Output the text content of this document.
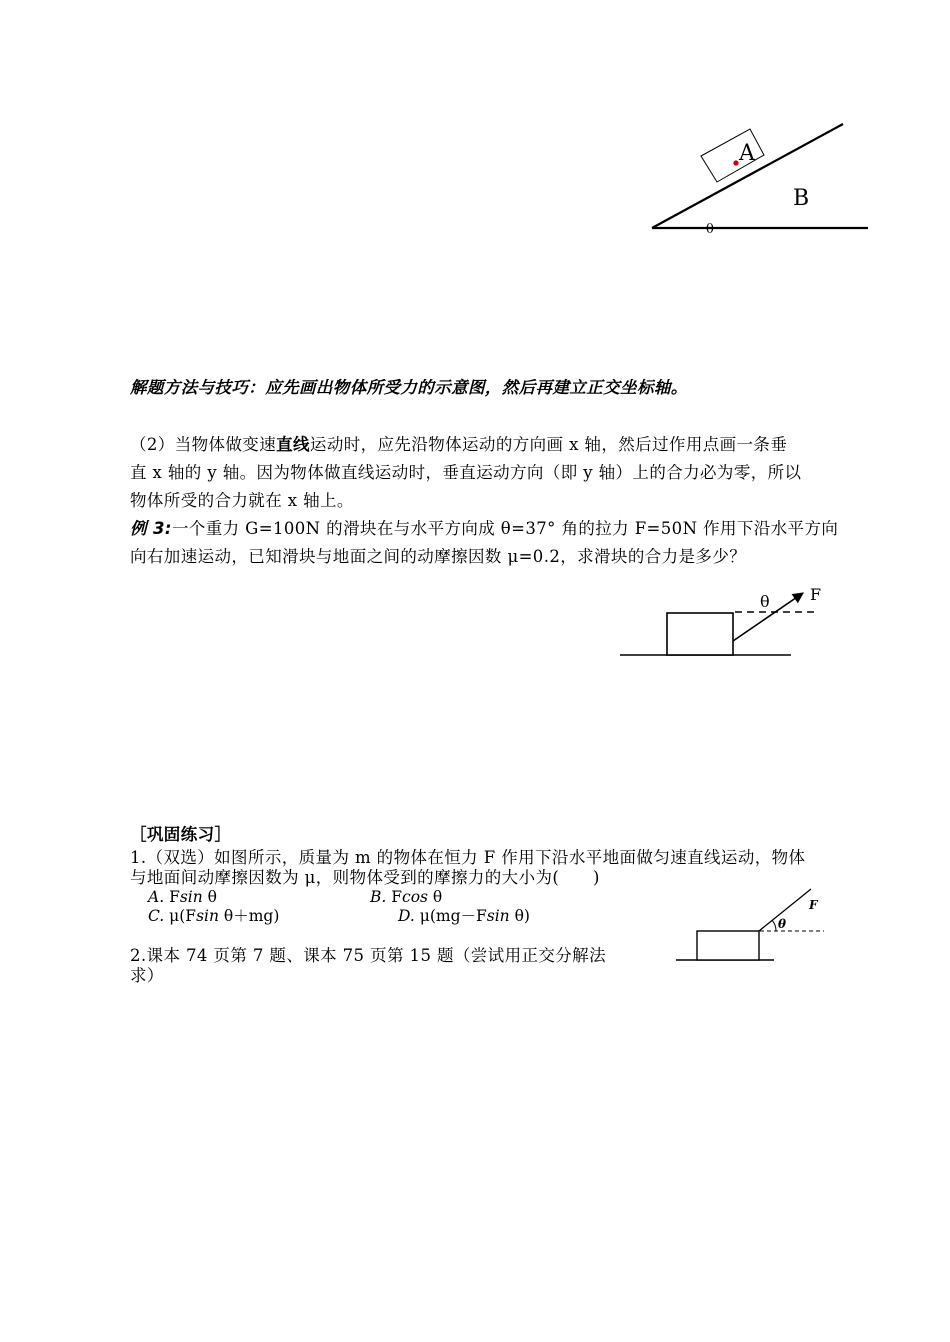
A
B
θ
解题方法与技巧：应先画出物体所受力的示意图，然后再建立正交坐标轴。
（2）当物体做变速直线运动时，应先沿物体运动的方向画 x 轴，然后过作用点画一条垂
直 x 轴的 y 轴。因为物体做直线运动时，垂直运动方向（即 y 轴）上的合力必为零，所以
物体所受的合力就在 x 轴上。
例 3:一个重力 G=100N 的滑块在与水平方向成 θ=37° 角的拉力 F=50N 作用下沿水平方向
向右加速运动，已知滑块与地面之间的动摩擦因数 μ=0.2，求滑块的合力是多少？
θ	F
［巩固练习］
1.（双选）如图所示，质量为 m 的物体在恒力 F 作用下沿水平地面做匀速直线运动，物体
与地面间动摩擦因数为 μ，则物体受到的摩擦力的大小为(　　)
A. Fsin θ	B. Fcos θ
C. μ(Fsin θ＋mg)	D. μ(mg－Fsin θ)
2.课本 74 页第 7 题、课本 75 页第 15 题（尝试用正交分解法
求）
F
θ
